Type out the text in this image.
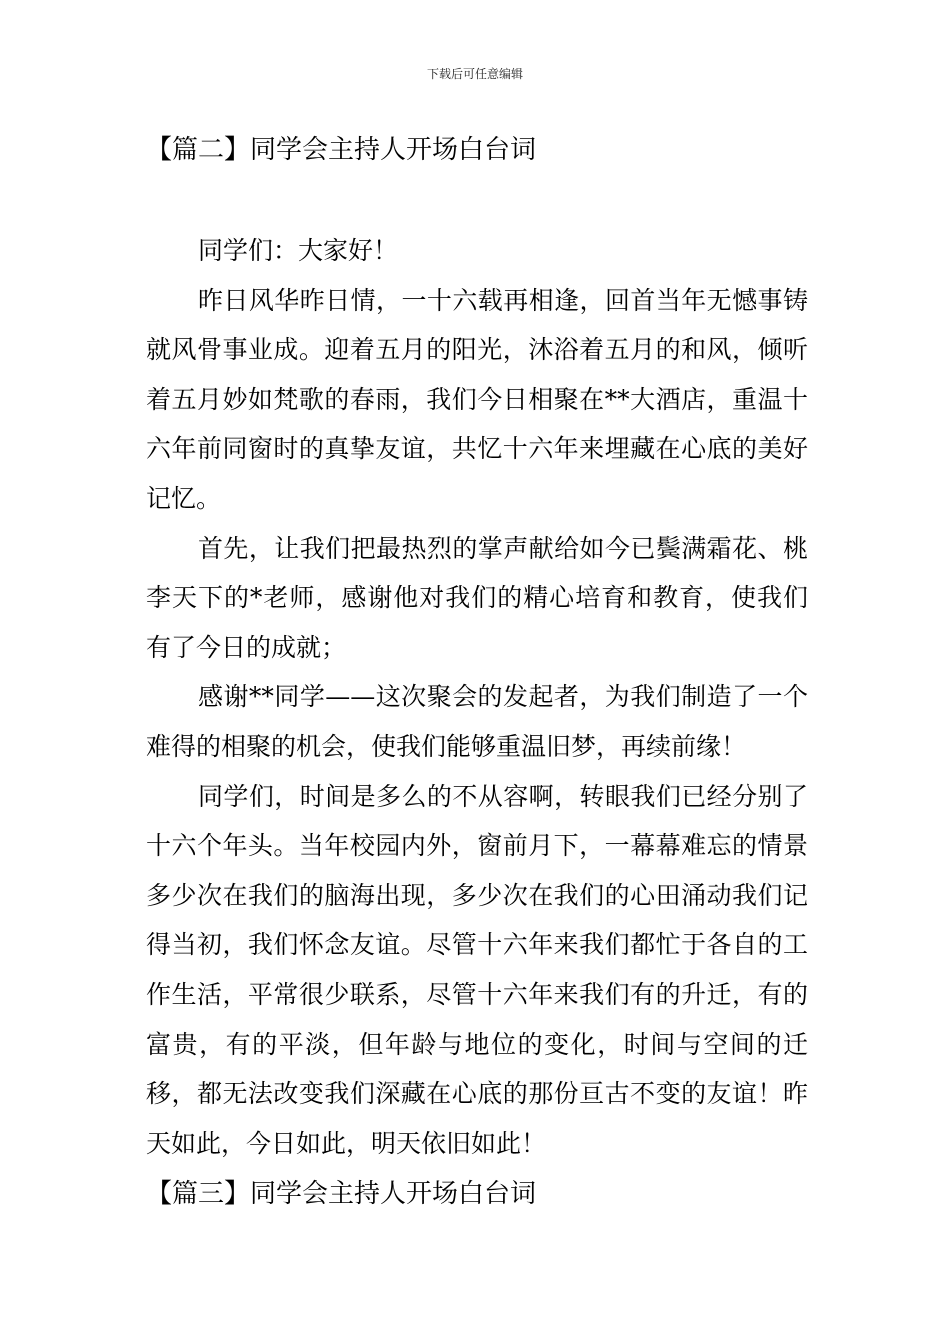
下载后可任意编辑
【篇二】同学会主持人开场白台词

同学们：大家好！

昨日风华昨日情，一十六载再相逢，回首当年无憾事铸就风骨事业成。迎着五月的阳光，沐浴着五月的和风，倾听着五月妙如梵歌的春雨，我们今日相聚在**大酒店，重温十六年前同窗时的真挚友谊，共忆十六年来埋藏在心底的美好记忆。

首先，让我们把最热烈的掌声献给如今已鬓满霜花、桃李天下的*老师，感谢他对我们的精心培育和教育，使我们有了今日的成就；

感谢**同学——这次聚会的发起者，为我们制造了一个难得的相聚的机会，使我们能够重温旧梦，再续前缘！

同学们，时间是多么的不从容啊，转眼我们已经分别了十六个年头。当年校园内外，窗前月下，一幕幕难忘的情景多少次在我们的脑海出现，多少次在我们的心田涌动我们记得当初，我们怀念友谊。尽管十六年来我们都忙于各自的工作生活，平常很少联系，尽管十六年来我们有的升迁，有的富贵，有的平淡，但年龄与地位的变化，时间与空间的迁移，都无法改变我们深藏在心底的那份亘古不变的友谊！昨天如此，今日如此，明天依旧如此！

【篇三】同学会主持人开场白台词
